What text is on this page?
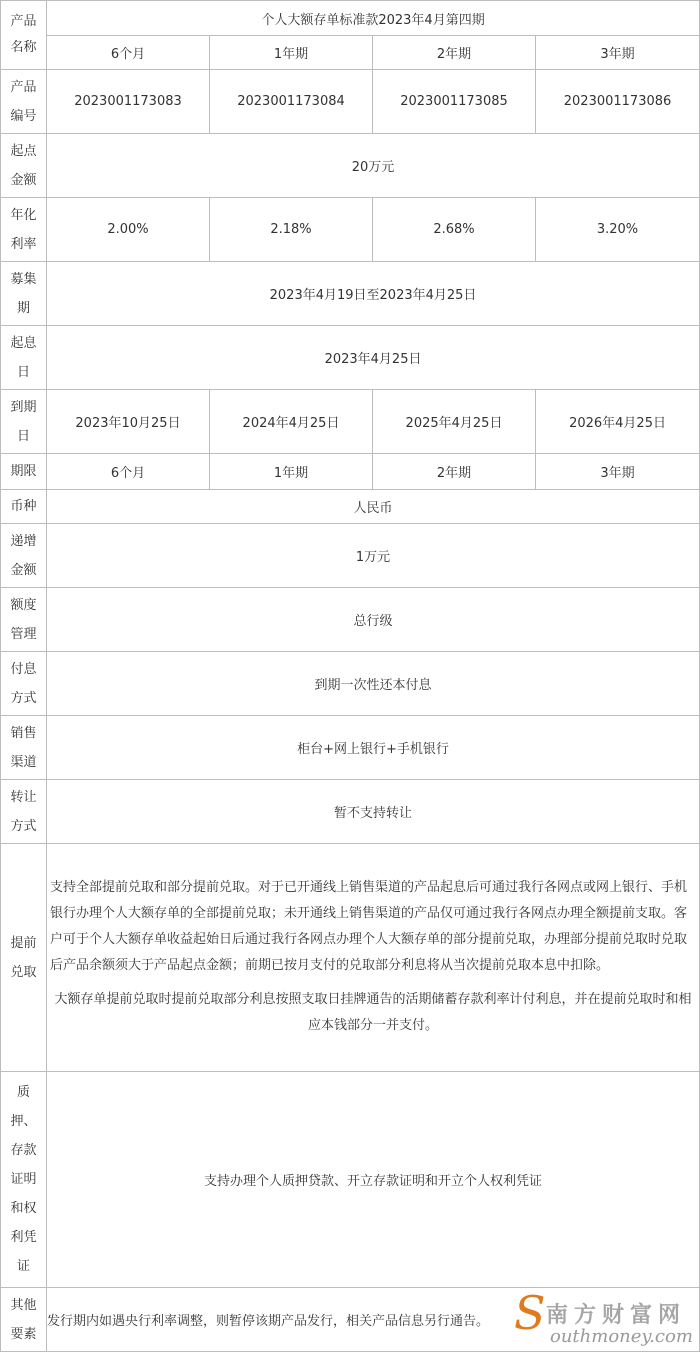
产品名称	个人大额存单标准款2023年4月第四期			
	6个月	1年期	2年期	3年期
产品编号	2023001173083	2023001173084	2023001173085	2023001173086
起点金额	20万元			
年化利率	2.00%	2.18%	2.68%	3.20%
募集期	2023年4月19日至2023年4月25日			
起息日	2023年4月25日			
到期日	2023年10月25日	2024年4月25日	2025年4月25日	2026年4月25日
期限	6个月	1年期	2年期	3年期
币种	人民币			
递增金额	1万元			
额度管理	总行级			
付息方式	到期一次性还本付息			
销售渠道	柜台+网上银行+手机银行			
转让方式	暂不支持转让			
提前兑取	支持全部提前兑取和部分提前兑取。对于已开通线上销售渠道的产品起息后可通过我行各网点或网上银行、手机银行办理个人大额存单的全部提前兑取；未开通线上销售渠道的产品仅可通过我行各网点办理全额提前支取。客户可于个人大额存单收益起始日后通过我行各网点办理个人大额存单的部分提前兑取，办理部分提前兑取时兑取后产品余额须大于产品起点金额；前期已按月支付的兑取部分利息将从当次提前兑取本息中扣除。
大额存单提前兑取时提前兑取部分利息按照支取日挂牌通告的活期储蓄存款利率计付利息，并在提前兑取时和相应本钱部分一并支付。			

质押、存款证明和权利凭证	支持办理个人质押贷款、开立存款证明和开立个人权利凭证			
其他要素	发行期内如遇央行利率调整，则暂停该期产品发行，相关产品信息另行通告。			S 南方财富网
outhmoney.com
